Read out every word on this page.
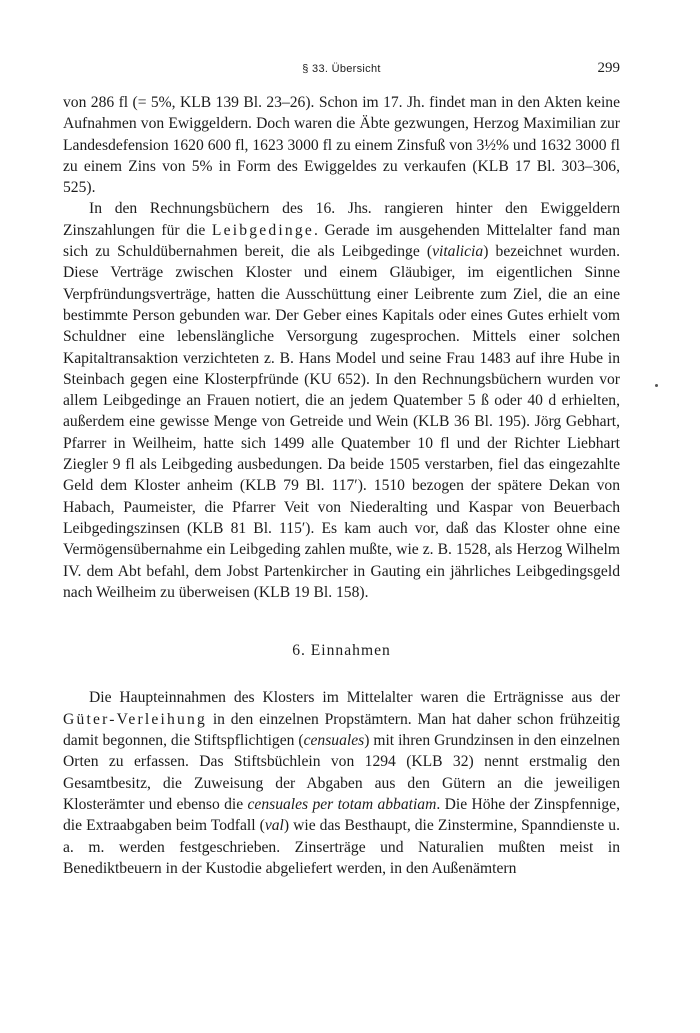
§ 33. Übersicht	299

von 286 fl (= 5%, KLB 139 Bl. 23–26). Schon im 17. Jh. findet man in den Akten keine Aufnahmen von Ewiggeldern. Doch waren die Äbte gezwungen, Herzog Maximilian zur Landesdefension 1620 600 fl, 1623 3000 fl zu einem Zinsfuß von 3½% und 1632 3000 fl zu einem Zins von 5% in Form des Ewiggeldes zu verkaufen (KLB 17 Bl. 303–306, 525).

In den Rechnungsbüchern des 16. Jhs. rangieren hinter den Ewiggeldern Zinszahlungen für die Leibgedinge. Gerade im ausgehenden Mittelalter fand man sich zu Schuldübernahmen bereit, die als Leibgedinge (vitalicia) bezeichnet wurden. Diese Verträge zwischen Kloster und einem Gläubiger, im eigentlichen Sinne Verpfründungsverträge, hatten die Ausschüttung einer Leibrente zum Ziel, die an eine bestimmte Person gebunden war. Der Geber eines Kapitals oder eines Gutes erhielt vom Schuldner eine lebenslängliche Versorgung zugesprochen. Mittels einer solchen Kapitaltransaktion verzichteten z. B. Hans Model und seine Frau 1483 auf ihre Hube in Steinbach gegen eine Klosterpfründe (KU 652). In den Rechnungsbüchern wurden vor allem Leibgedinge an Frauen notiert, die an jedem Quatember 5 ß oder 40 d erhielten, außerdem eine gewisse Menge von Getreide und Wein (KLB 36 Bl. 195). Jörg Gebhart, Pfarrer in Weilheim, hatte sich 1499 alle Quatember 10 fl und der Richter Liebhart Ziegler 9 fl als Leibgeding ausbedungen. Da beide 1505 verstarben, fiel das eingezahlte Geld dem Kloster anheim (KLB 79 Bl. 117′). 1510 bezogen der spätere Dekan von Habach, Paumeister, die Pfarrer Veit von Niederalting und Kaspar von Beuerbach Leibgedingszinsen (KLB 81 Bl. 115′). Es kam auch vor, daß das Kloster ohne eine Vermögensübernahme ein Leibgeding zahlen mußte, wie z. B. 1528, als Herzog Wilhelm IV. dem Abt befahl, dem Jobst Partenkircher in Gauting ein jährliches Leibgedingsgeld nach Weilheim zu überweisen (KLB 19 Bl. 158).

6. Einnahmen

Die Haupteinnahmen des Klosters im Mittelalter waren die Erträgnisse aus der Güter-Verleihung in den einzelnen Propstämtern. Man hat daher schon frühzeitig damit begonnen, die Stiftspflichtigen (censuales) mit ihren Grundzinsen in den einzelnen Orten zu erfassen. Das Stiftsbüchlein von 1294 (KLB 32) nennt erstmalig den Gesamtbesitz, die Zuweisung der Abgaben aus den Gütern an die jeweiligen Klosterämter und ebenso die censuales per totam abbatiam. Die Höhe der Zinspfennige, die Extraabgaben beim Todfall (val) wie das Besthaupt, die Zinstermine, Spanndienste u. a. m. werden festgeschrieben. Zinserträge und Naturalien mußten meist in Benediktbeuern in der Kustodie abgeliefert werden, in den Außenämtern
